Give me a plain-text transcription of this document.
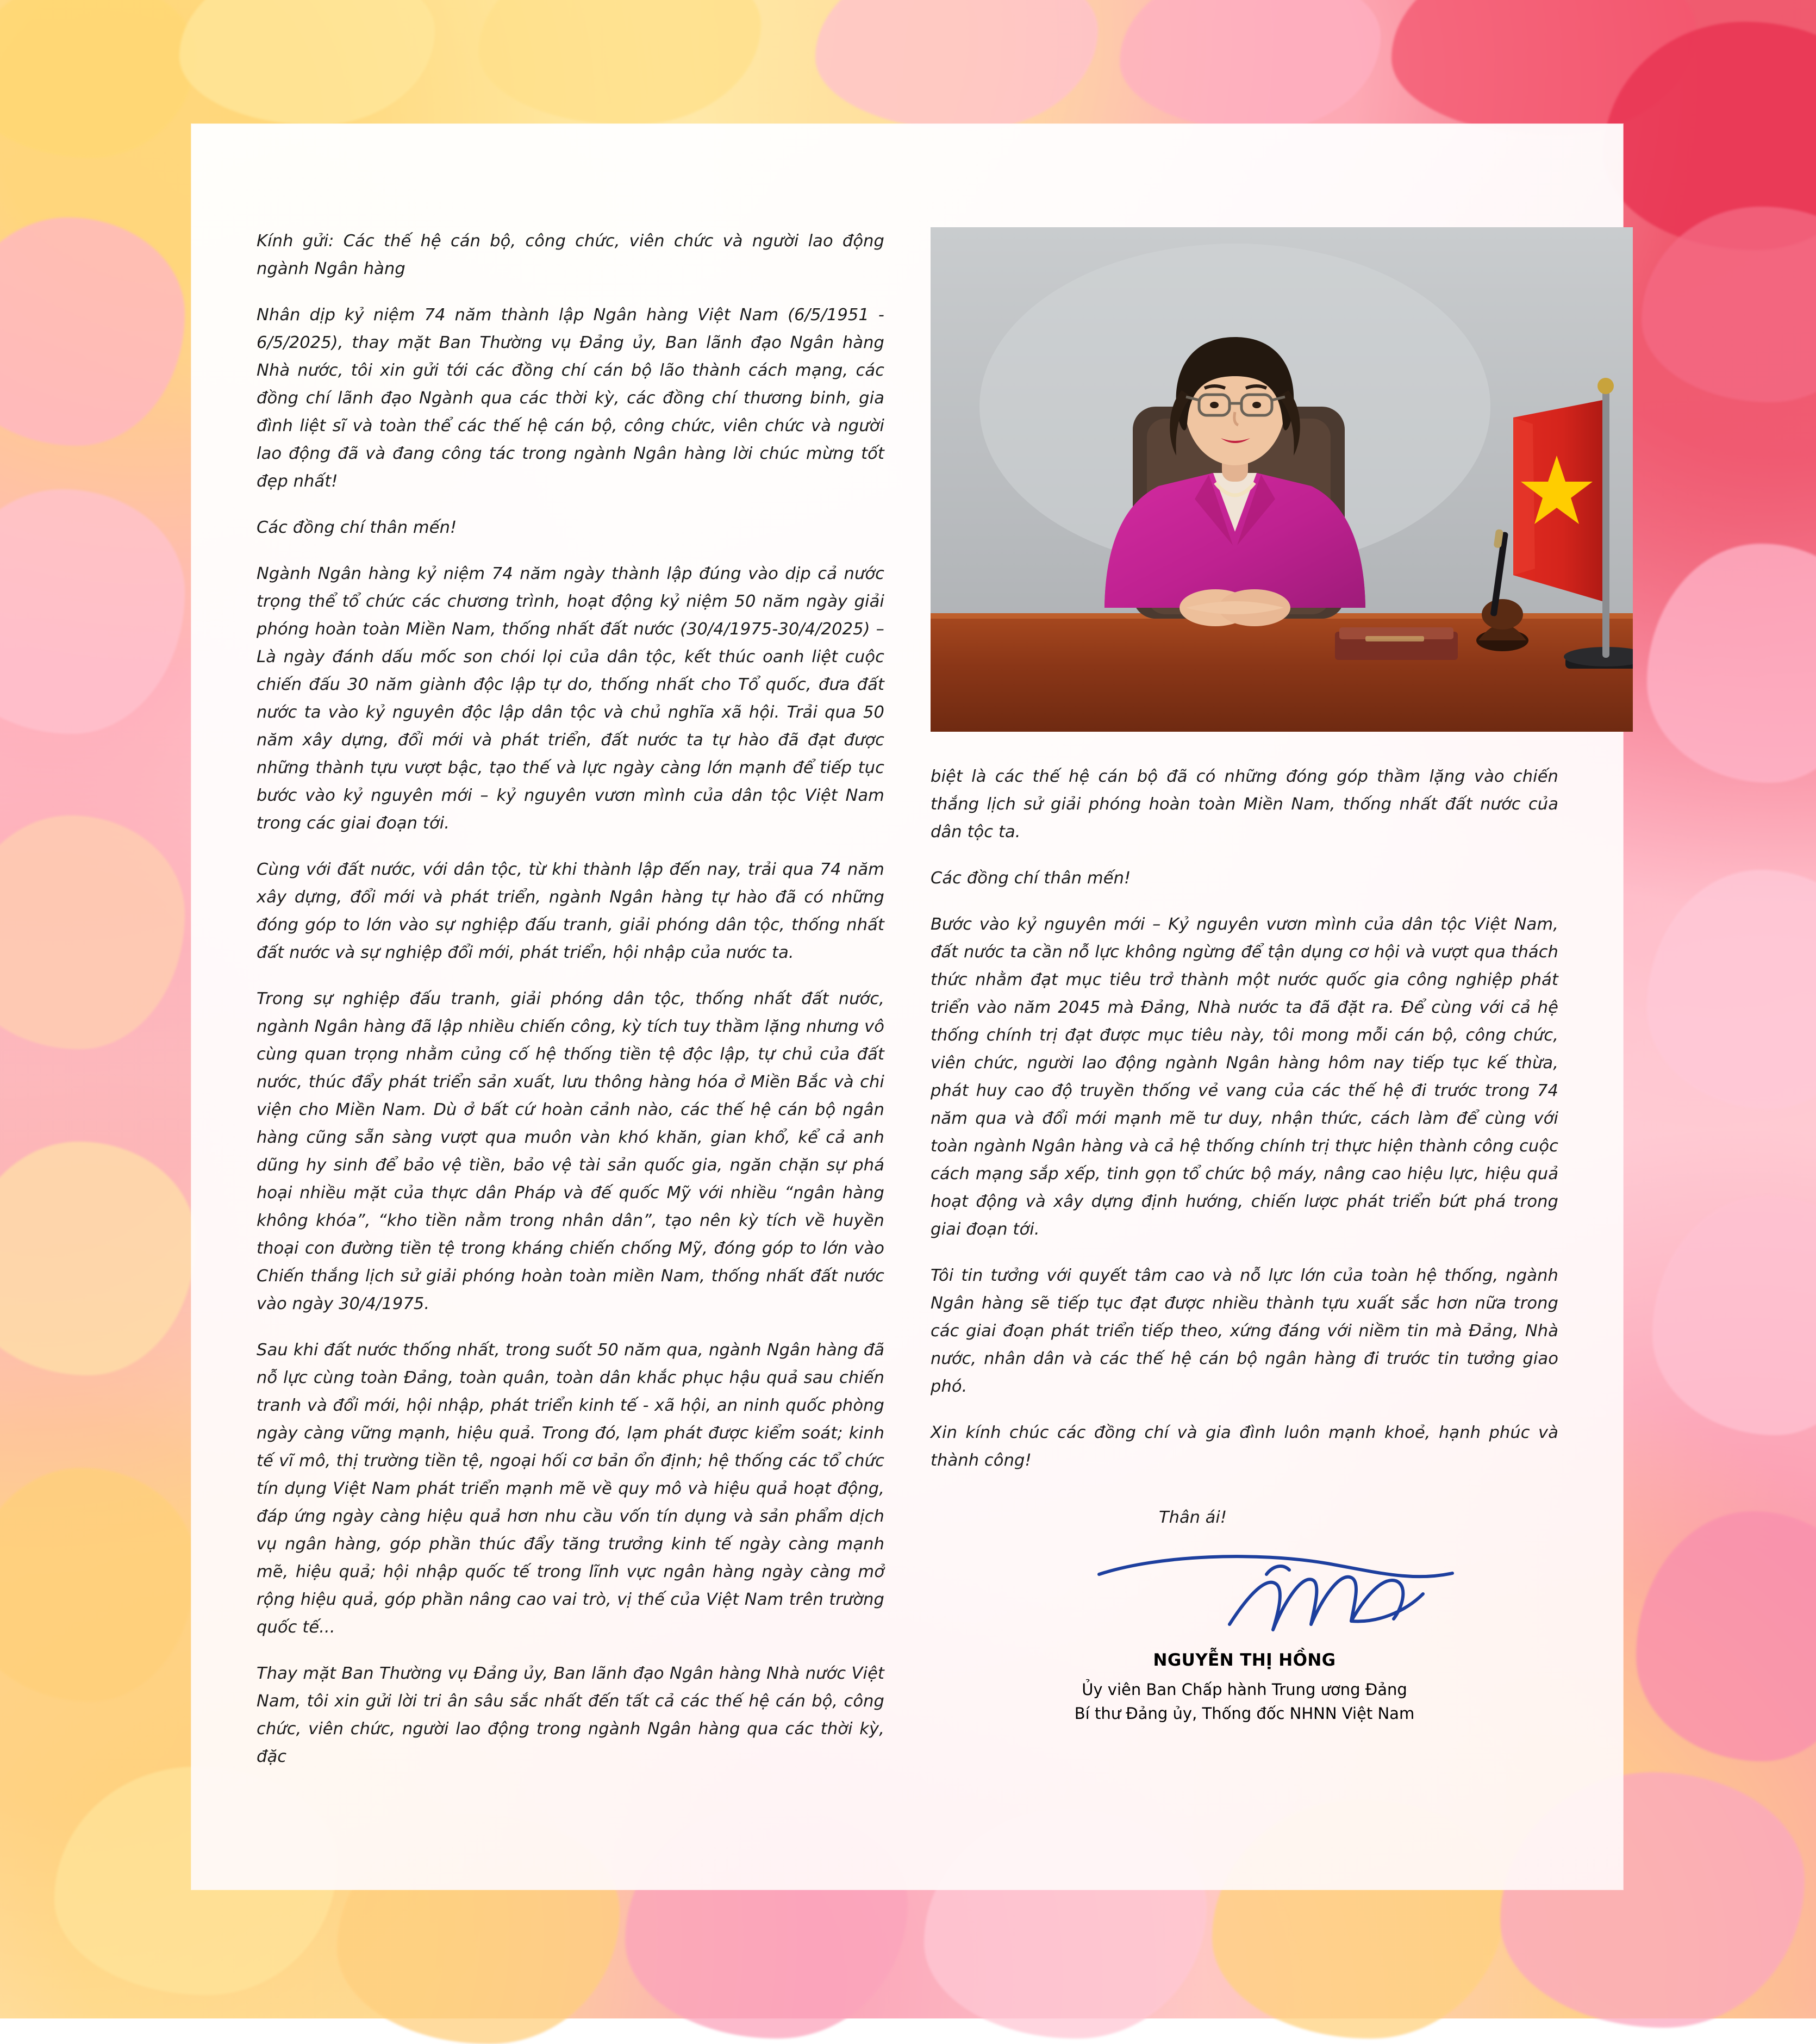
Kính gửi: Các thế hệ cán bộ, công chức, viên chức và người lao động ngành Ngân hàng

Nhân dịp kỷ niệm 74 năm thành lập Ngân hàng Việt Nam (6/5/1951 - 6/5/2025), thay mặt Ban Thường vụ Đảng ủy, Ban lãnh đạo Ngân hàng Nhà nước, tôi xin gửi tới các đồng chí cán bộ lão thành cách mạng, các đồng chí lãnh đạo Ngành qua các thời kỳ, các đồng chí thương binh, gia đình liệt sĩ và toàn thể các thế hệ cán bộ, công chức, viên chức và người lao động đã và đang công tác trong ngành Ngân hàng lời chúc mừng tốt đẹp nhất!

Các đồng chí thân mến!

Ngành Ngân hàng kỷ niệm 74 năm ngày thành lập đúng vào dịp cả nước trọng thể tổ chức các chương trình, hoạt động kỷ niệm 50 năm ngày giải phóng hoàn toàn Miền Nam, thống nhất đất nước (30/4/1975-30/4/2025) – Là ngày đánh dấu mốc son chói lọi của dân tộc, kết thúc oanh liệt cuộc chiến đấu 30 năm giành độc lập tự do, thống nhất cho Tổ quốc, đưa đất nước ta vào kỷ nguyên độc lập dân tộc và chủ nghĩa xã hội. Trải qua 50 năm xây dựng, đổi mới và phát triển, đất nước ta tự hào đã đạt được những thành tựu vượt bậc, tạo thế và lực ngày càng lớn mạnh để tiếp tục bước vào kỷ nguyên mới – kỷ nguyên vươn mình của dân tộc Việt Nam trong các giai đoạn tới.

Cùng với đất nước, với dân tộc, từ khi thành lập đến nay, trải qua 74 năm xây dựng, đổi mới và phát triển, ngành Ngân hàng tự hào đã có những đóng góp to lớn vào sự nghiệp đấu tranh, giải phóng dân tộc, thống nhất đất nước và sự nghiệp đổi mới, phát triển, hội nhập của nước ta.

Trong sự nghiệp đấu tranh, giải phóng dân tộc, thống nhất đất nước, ngành Ngân hàng đã lập nhiều chiến công, kỳ tích tuy thầm lặng nhưng vô cùng quan trọng nhằm củng cố hệ thống tiền tệ độc lập, tự chủ của đất nước, thúc đẩy phát triển sản xuất, lưu thông hàng hóa ở Miền Bắc và chi viện cho Miền Nam. Dù ở bất cứ hoàn cảnh nào, các thế hệ cán bộ ngân hàng cũng sẵn sàng vượt qua muôn vàn khó khăn, gian khổ, kể cả anh dũng hy sinh để bảo vệ tiền, bảo vệ tài sản quốc gia, ngăn chặn sự phá hoại nhiều mặt của thực dân Pháp và đế quốc Mỹ với nhiều “ngân hàng không khóa”, “kho tiền nằm trong nhân dân”, tạo nên kỳ tích về huyền thoại con đường tiền tệ trong kháng chiến chống Mỹ, đóng góp to lớn vào Chiến thắng lịch sử giải phóng hoàn toàn miền Nam, thống nhất đất nước vào ngày 30/4/1975.

Sau khi đất nước thống nhất, trong suốt 50 năm qua, ngành Ngân hàng đã nỗ lực cùng toàn Đảng, toàn quân, toàn dân khắc phục hậu quả sau chiến tranh và đổi mới, hội nhập, phát triển kinh tế - xã hội, an ninh quốc phòng ngày càng vững mạnh, hiệu quả. Trong đó, lạm phát được kiểm soát; kinh tế vĩ mô, thị trường tiền tệ, ngoại hối cơ bản ổn định; hệ thống các tổ chức tín dụng Việt Nam phát triển mạnh mẽ về quy mô và hiệu quả hoạt động, đáp ứng ngày càng hiệu quả hơn nhu cầu vốn tín dụng và sản phẩm dịch vụ ngân hàng, góp phần thúc đẩy tăng trưởng kinh tế ngày càng mạnh mẽ, hiệu quả; hội nhập quốc tế trong lĩnh vực ngân hàng ngày càng mở rộng hiệu quả, góp phần nâng cao vai trò, vị thế của Việt Nam trên trường quốc tế...

Thay mặt Ban Thường vụ Đảng ủy, Ban lãnh đạo Ngân hàng Nhà nước Việt Nam, tôi xin gửi lời tri ân sâu sắc nhất đến tất cả các thế hệ cán bộ, công chức, viên chức, người lao động trong ngành Ngân hàng qua các thời kỳ, đặc

biệt là các thế hệ cán bộ đã có những đóng góp thầm lặng vào chiến thắng lịch sử giải phóng hoàn toàn Miền Nam, thống nhất đất nước của dân tộc ta.

Các đồng chí thân mến!

Bước vào kỷ nguyên mới – Kỷ nguyên vươn mình của dân tộc Việt Nam, đất nước ta cần nỗ lực không ngừng để tận dụng cơ hội và vượt qua thách thức nhằm đạt mục tiêu trở thành một nước quốc gia công nghiệp phát triển vào năm 2045 mà Đảng, Nhà nước ta đã đặt ra. Để cùng với cả hệ thống chính trị đạt được mục tiêu này, tôi mong mỗi cán bộ, công chức, viên chức, người lao động ngành Ngân hàng hôm nay tiếp tục kế thừa, phát huy cao độ truyền thống vẻ vang của các thế hệ đi trước trong 74 năm qua và đổi mới mạnh mẽ tư duy, nhận thức, cách làm để cùng với toàn ngành Ngân hàng và cả hệ thống chính trị thực hiện thành công cuộc cách mạng sắp xếp, tinh gọn tổ chức bộ máy, nâng cao hiệu lực, hiệu quả hoạt động và xây dựng định hướng, chiến lược phát triển bứt phá trong giai đoạn tới.

Tôi tin tưởng với quyết tâm cao và nỗ lực lớn của toàn hệ thống, ngành Ngân hàng sẽ tiếp tục đạt được nhiều thành tựu xuất sắc hơn nữa trong các giai đoạn phát triển tiếp theo, xứng đáng với niềm tin mà Đảng, Nhà nước, nhân dân và các thế hệ cán bộ ngân hàng đi trước tin tưởng giao phó.

Xin kính chúc các đồng chí và gia đình luôn mạnh khoẻ, hạnh phúc và thành công!

Thân ái!
NGUYỄN THỊ HỒNG
Ủy viên Ban Chấp hành Trung ương Đảng
Bí thư Đảng ủy, Thống đốc NHNN Việt Nam
